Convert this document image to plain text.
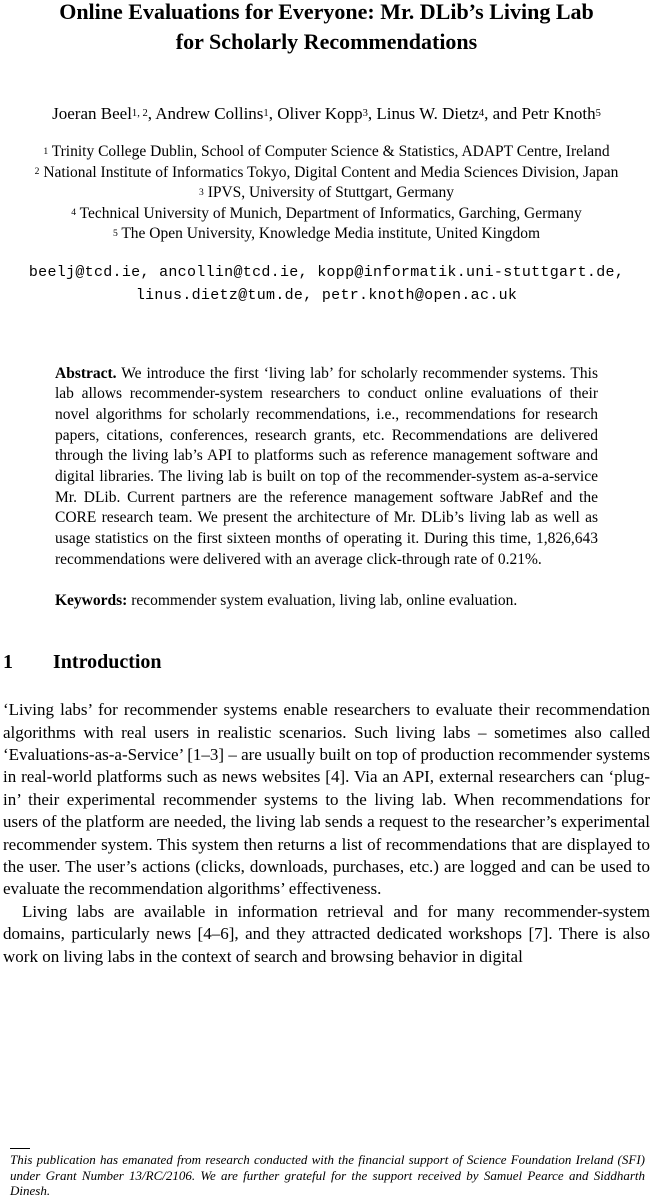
Online Evaluations for Everyone: Mr. DLib’s Living Lab
for Scholarly Recommendations
Joeran Beel$^{1, 2}$, Andrew Collins$^1$, Oliver Kopp$^3$, Linus W. Dietz$^4$, and Petr Knoth$^5$
$^1$ Trinity College Dublin, School of Computer Science & Statistics, ADAPT Centre, Ireland
$^2$ National Institute of Informatics Tokyo, Digital Content and Media Sciences Division, Japan
$^3$ IPVS, University of Stuttgart, Germany
$^4$ Technical University of Munich, Department of Informatics, Garching, Germany
$^5$ The Open University, Knowledge Media institute, United Kingdom
beelj@tcd.ie, ancollin@tcd.ie, kopp@informatik.uni-stuttgart.de,
linus.dietz@tum.de, petr.knoth@open.ac.uk
Abstract. We introduce the first ‘living lab’ for scholarly recommender systems. This lab allows recommender-system researchers to conduct online evaluations of their novel algorithms for scholarly recommendations, i.e., recommendations for research papers, citations, conferences, research grants, etc. Recommendations are delivered through the living lab’s API to platforms such as reference management software and digital libraries. The living lab is built on top of the recommender-system as-a-service Mr. DLib. Current partners are the reference management software JabRef and the CORE research team. We present the architecture of Mr. DLib’s living lab as well as usage statistics on the first sixteen months of operating it. During this time, 1,826,643 recommendations were delivered with an average click-through rate of 0.21%.
Keywords: recommender system evaluation, living lab, online evaluation.
1 Introduction

‘Living labs’ for recommender systems enable researchers to evaluate their recommendation algorithms with real users in realistic scenarios. Such living labs – sometimes also called ‘Evaluations-as-a-Service’ [1–3] – are usually built on top of production recommender systems in real-world platforms such as news websites [4]. Via an API, external researchers can ‘plug-in’ their experimental recommender systems to the living lab. When recommendations for users of the platform are needed, the living lab sends a request to the researcher’s experimental recommender system. This system then returns a list of recommendations that are displayed to the user. The user’s actions (clicks, downloads, purchases, etc.) are logged and can be used to evaluate the recommendation algorithms’ effectiveness.

Living labs are available in information retrieval and for many recommender-system domains, particularly news [4–6], and they attracted dedicated workshops [7]. There is also work on living labs in the context of search and browsing behavior in digital

This publication has emanated from research conducted with the financial support of Science Foundation Ireland (SFI) under Grant Number 13/RC/2106. We are further grateful for the support received by Samuel Pearce and Siddharth Dinesh.
